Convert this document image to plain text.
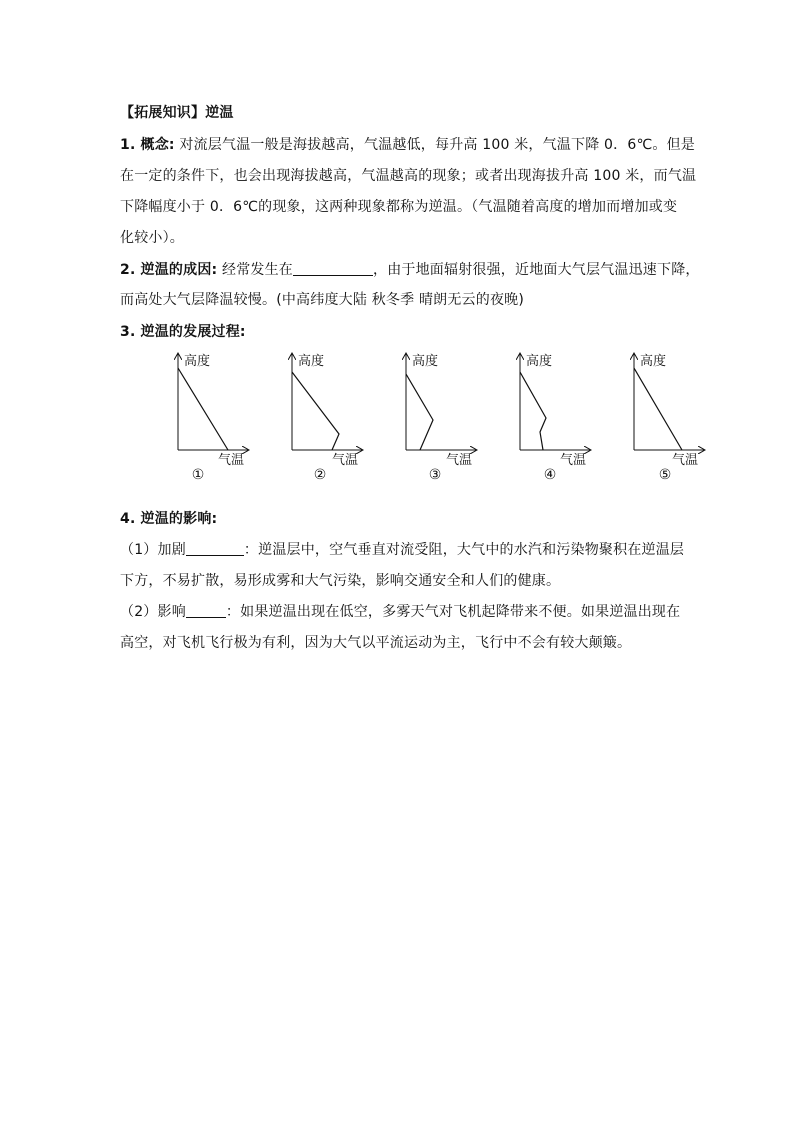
【拓展知识】逆温
1. 概念: 对流层气温一般是海拔越高，气温越低，每升高 100 米，气温下降 0．6℃。但是
在一定的条件下，也会出现海拔越高，气温越高的现象；或者出现海拔升高 100 米，而气温
下降幅度小于 0．6℃的现象，这两种现象都称为逆温。（气温随着高度的增加而增加或变
化较小）。
2. 逆温的成因: 经常发生在	，由于地面辐射很强，近地面大气层气温迅速下降，
而高处大气层降温较慢。(中高纬度大陆 秋冬季 晴朗无云的夜晚)
3. 逆温的发展过程:
高度
气温
①
高度
气温
②
高度
气温
③
高度
气温
④
高度
气温
⑤
4. 逆温的影响:
（1）加剧	：逆温层中，空气垂直对流受阻，大气中的水汽和污染物聚积在逆温层
下方，不易扩散，易形成雾和大气污染，影响交通安全和人们的健康。
（2）影响	：如果逆温出现在低空，多雾天气对飞机起降带来不便。如果逆温出现在
高空，对飞机飞行极为有利，因为大气以平流运动为主，飞行中不会有较大颠簸。
